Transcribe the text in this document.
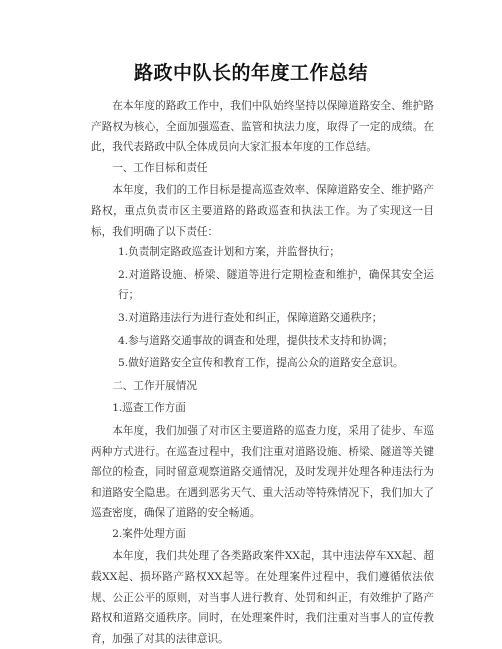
路政中队长的年度工作总结

在本年度的路政工作中，我们中队始终坚持以保障道路安全、维护路产路权为核心，全面加强巡查、监管和执法力度，取得了一定的成绩。在此，我代表路政中队全体成员向大家汇报本年度的工作总结。

一、工作目标和责任

本年度，我们的工作目标是提高巡查效率、保障道路安全、维护路产路权，重点负责市区主要道路的路政巡查和执法工作。为了实现这一目标，我们明确了以下责任：

1.负责制定路政巡查计划和方案，并监督执行；

2.对道路设施、桥梁、隧道等进行定期检查和维护，确保其安全运行；

3.对道路违法行为进行查处和纠正，保障道路交通秩序；

4.参与道路交通事故的调查和处理，提供技术支持和协调；

5.做好道路安全宣传和教育工作，提高公众的道路安全意识。

二、工作开展情况

1.巡查工作方面

本年度，我们加强了对市区主要道路的巡查力度，采用了徒步、车巡两种方式进行。在巡查过程中，我们注重对道路设施、桥梁、隧道等关键部位的检查，同时留意观察道路交通情况，及时发现并处理各种违法行为和道路安全隐患。在遇到恶劣天气、重大活动等特殊情况下，我们加大了巡查密度，确保了道路的安全畅通。

2.案件处理方面

本年度，我们共处理了各类路政案件XX起，其中违法停车XX起、超载XX起、损坏路产路权XX起等。在处理案件过程中，我们遵循依法依规、公正公平的原则，对当事人进行教育、处罚和纠正，有效维护了路产路权和道路交通秩序。同时，在处理案件时，我们注重对当事人的宣传教育，加强了对其的法律意识。
